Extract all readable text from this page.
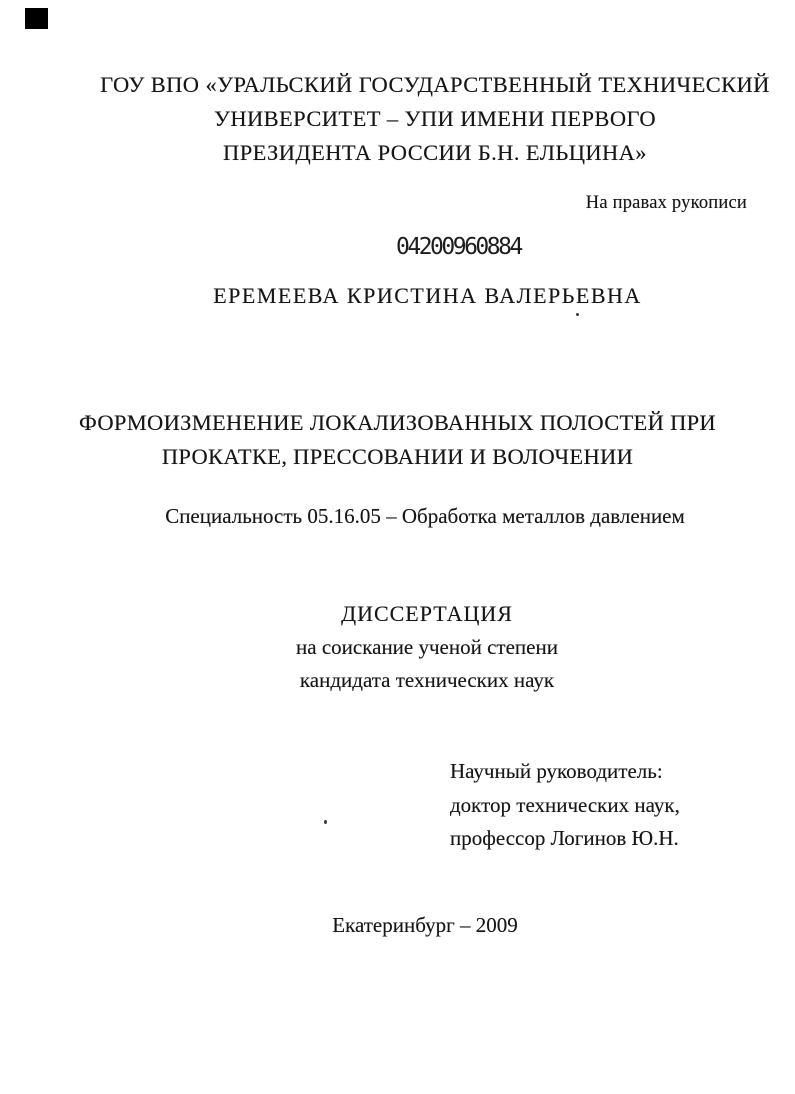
ГОУ ВПО «УРАЛЬСКИЙ ГОСУДАРСТВЕННЫЙ ТЕХНИЧЕСКИЙ
УНИВЕРСИТЕТ – УПИ ИМЕНИ ПЕРВОГО
ПРЕЗИДЕНТА РОССИИ Б.Н. ЕЛЬЦИНА»
На правах рукописи
04200960884
ЕРЕМЕЕВА КРИСТИНА ВАЛЕРЬЕВНА
ФОРМОИЗМЕНЕНИЕ ЛОКАЛИЗОВАННЫХ ПОЛОСТЕЙ ПРИ
ПРОКАТКЕ, ПРЕССОВАНИИ И ВОЛОЧЕНИИ
Специальность 05.16.05 – Обработка металлов давлением
ДИССЕРТАЦИЯ
на соискание ученой степени
кандидата технических наук
Научный руководитель:
доктор технических наук,
профессор Логинов Ю.Н.
Екатеринбург – 2009
